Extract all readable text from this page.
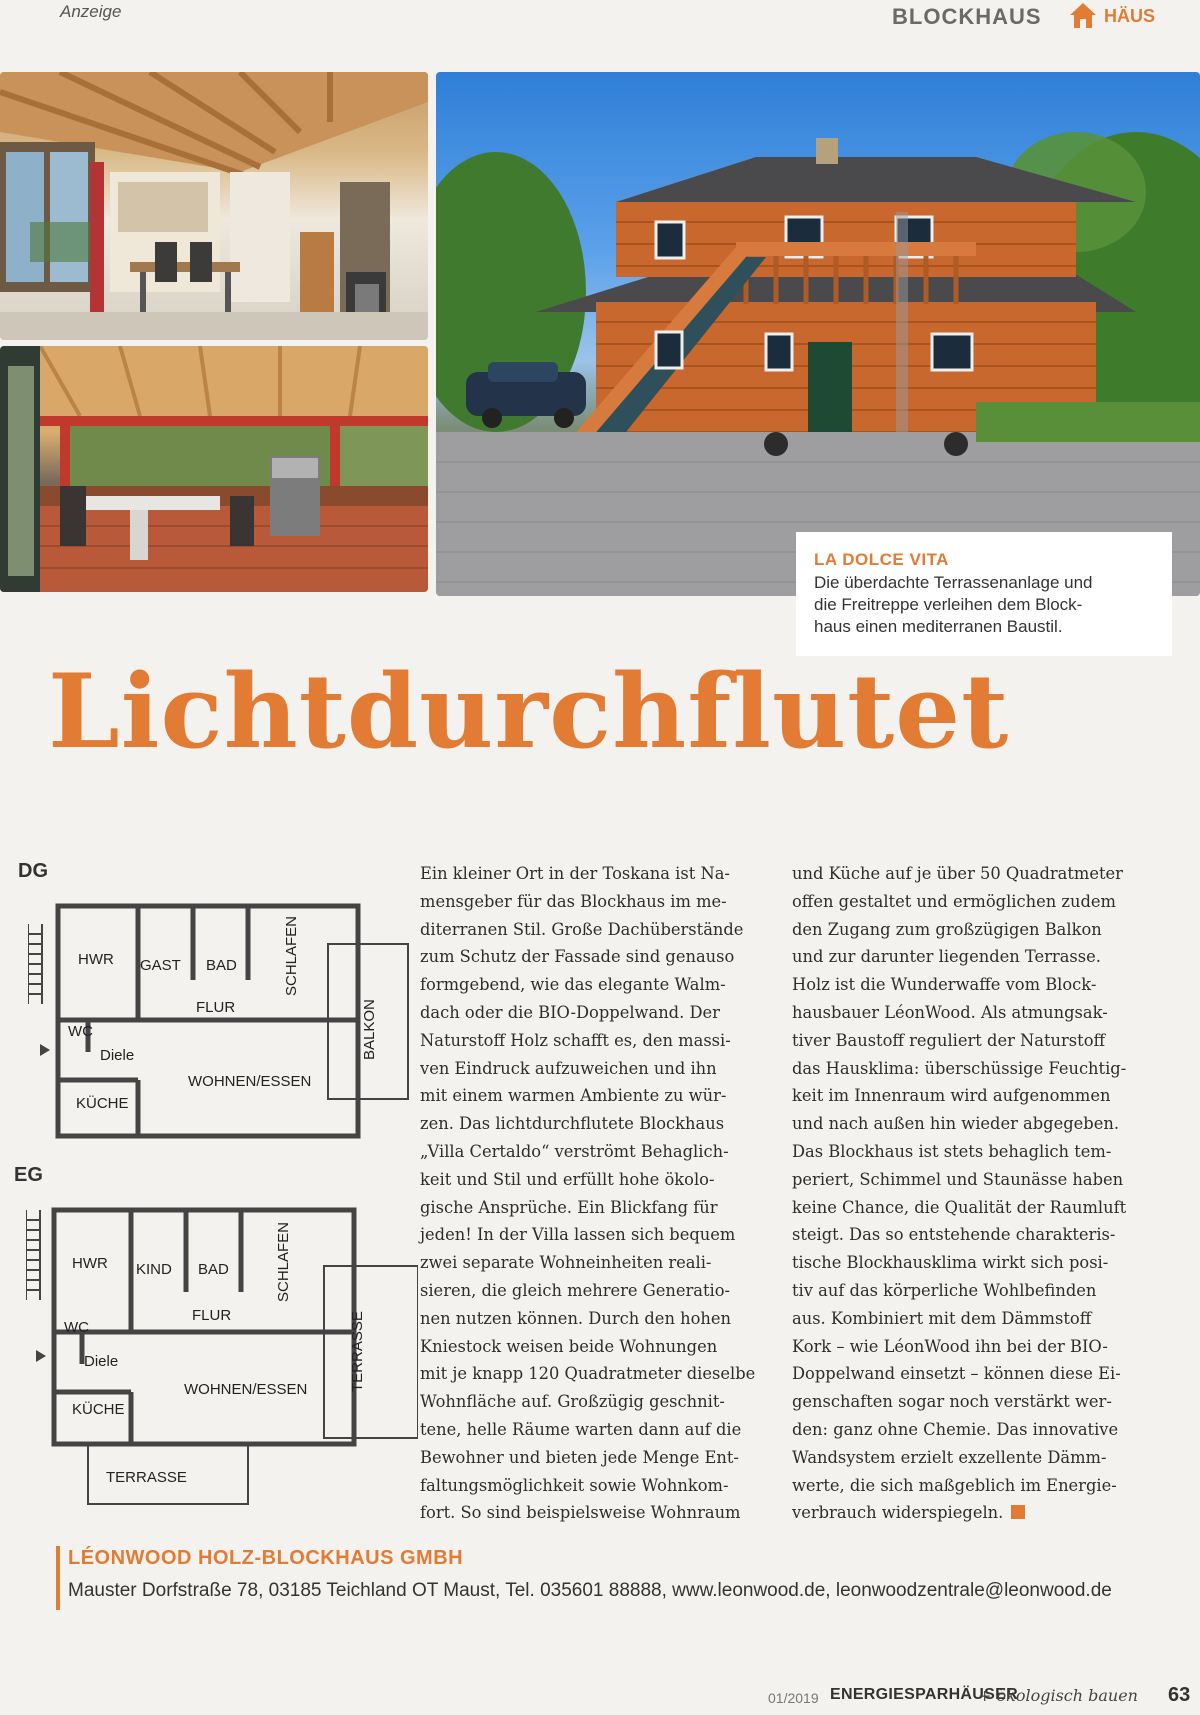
Anzeige	BLOCKHAUS	HÄUS
LA DOLCE VITA
Die überdachte Terrassenanlage und
die Freitreppe verleihen dem Block-
haus einen mediterranen Baustil.
Lichtdurchflutet
DG
HWR GAST BAD
FLUR
SCHLAFEN
WC
Diele
KÜCHE
WOHNEN/ESSEN
BALKON
EG
HWR KIND BAD
FLUR
SCHLAFEN
WC
Diele
KÜCHE
WOHNEN/ESSEN	TERRASSE
TERRASSE
Ein kleiner Ort in der Toskana ist Na-
mensgeber für das Blockhaus im me-
diterranen Stil. Große Dachüberstände
zum Schutz der Fassade sind genauso
formgebend, wie das elegante Walm-
dach oder die BIO-Doppelwand. Der
Naturstoff Holz schafft es, den massi-
ven Eindruck aufzuweichen und ihn
mit einem warmen Ambiente zu wür-
zen. Das lichtdurchflutete Blockhaus
„Villa Certaldo“ verströmt Behaglich-
keit und Stil und erfüllt hohe ökolo-
gische Ansprüche. Ein Blickfang für
jeden! In der Villa lassen sich bequem
zwei separate Wohneinheiten reali-
sieren, die gleich mehrere Generatio-
nen nutzen können. Durch den hohen
Kniestock weisen beide Wohnungen
mit je knapp 120 Quadratmeter dieselbe
Wohnfläche auf. Großzügig geschnit-
tene, helle Räume warten dann auf die
Bewohner und bieten jede Menge Ent-
faltungsmöglichkeit sowie Wohnkom-
fort. So sind beispielsweise Wohnraum
und Küche auf je über 50 Quadratmeter
offen gestaltet und ermöglichen zudem
den Zugang zum großzügigen Balkon
und zur darunter liegenden Terrasse.
Holz ist die Wunderwaffe vom Block-
hausbauer LéonWood. Als atmungsak-
tiver Baustoff reguliert der Naturstoff
das Hausklima: überschüssige Feuchtig-
keit im Innenraum wird aufgenommen
und nach außen hin wieder abgegeben.
Das Blockhaus ist stets behaglich tem-
periert, Schimmel und Staunässe haben
keine Chance, die Qualität der Raumluft
steigt. Das so entstehende charakteris-
tische Blockhausklima wirkt sich posi-
tiv auf das körperliche Wohlbefinden
aus. Kombiniert mit dem Dämmstoff
Kork – wie LéonWood ihn bei der BIO-
Doppelwand einsetzt – können diese Ei-
genschaften sogar noch verstärkt wer-
den: ganz ohne Chemie. Das innovative
Wandsystem erzielt exzellente Dämm-
werte, die sich maßgeblich im Energie-
verbrauch widerspiegeln.
LÉONWOOD HOLZ-BLOCKHAUS GMBH
Mauster Dorfstraße 78, 03185 Teichland OT Maust, Tel. 035601 88888, www.leonwood.de, leonwoodzentrale@leonwood.de
01/2019 ENERGIESPARHÄUSER
+ ökologisch bauen 63
